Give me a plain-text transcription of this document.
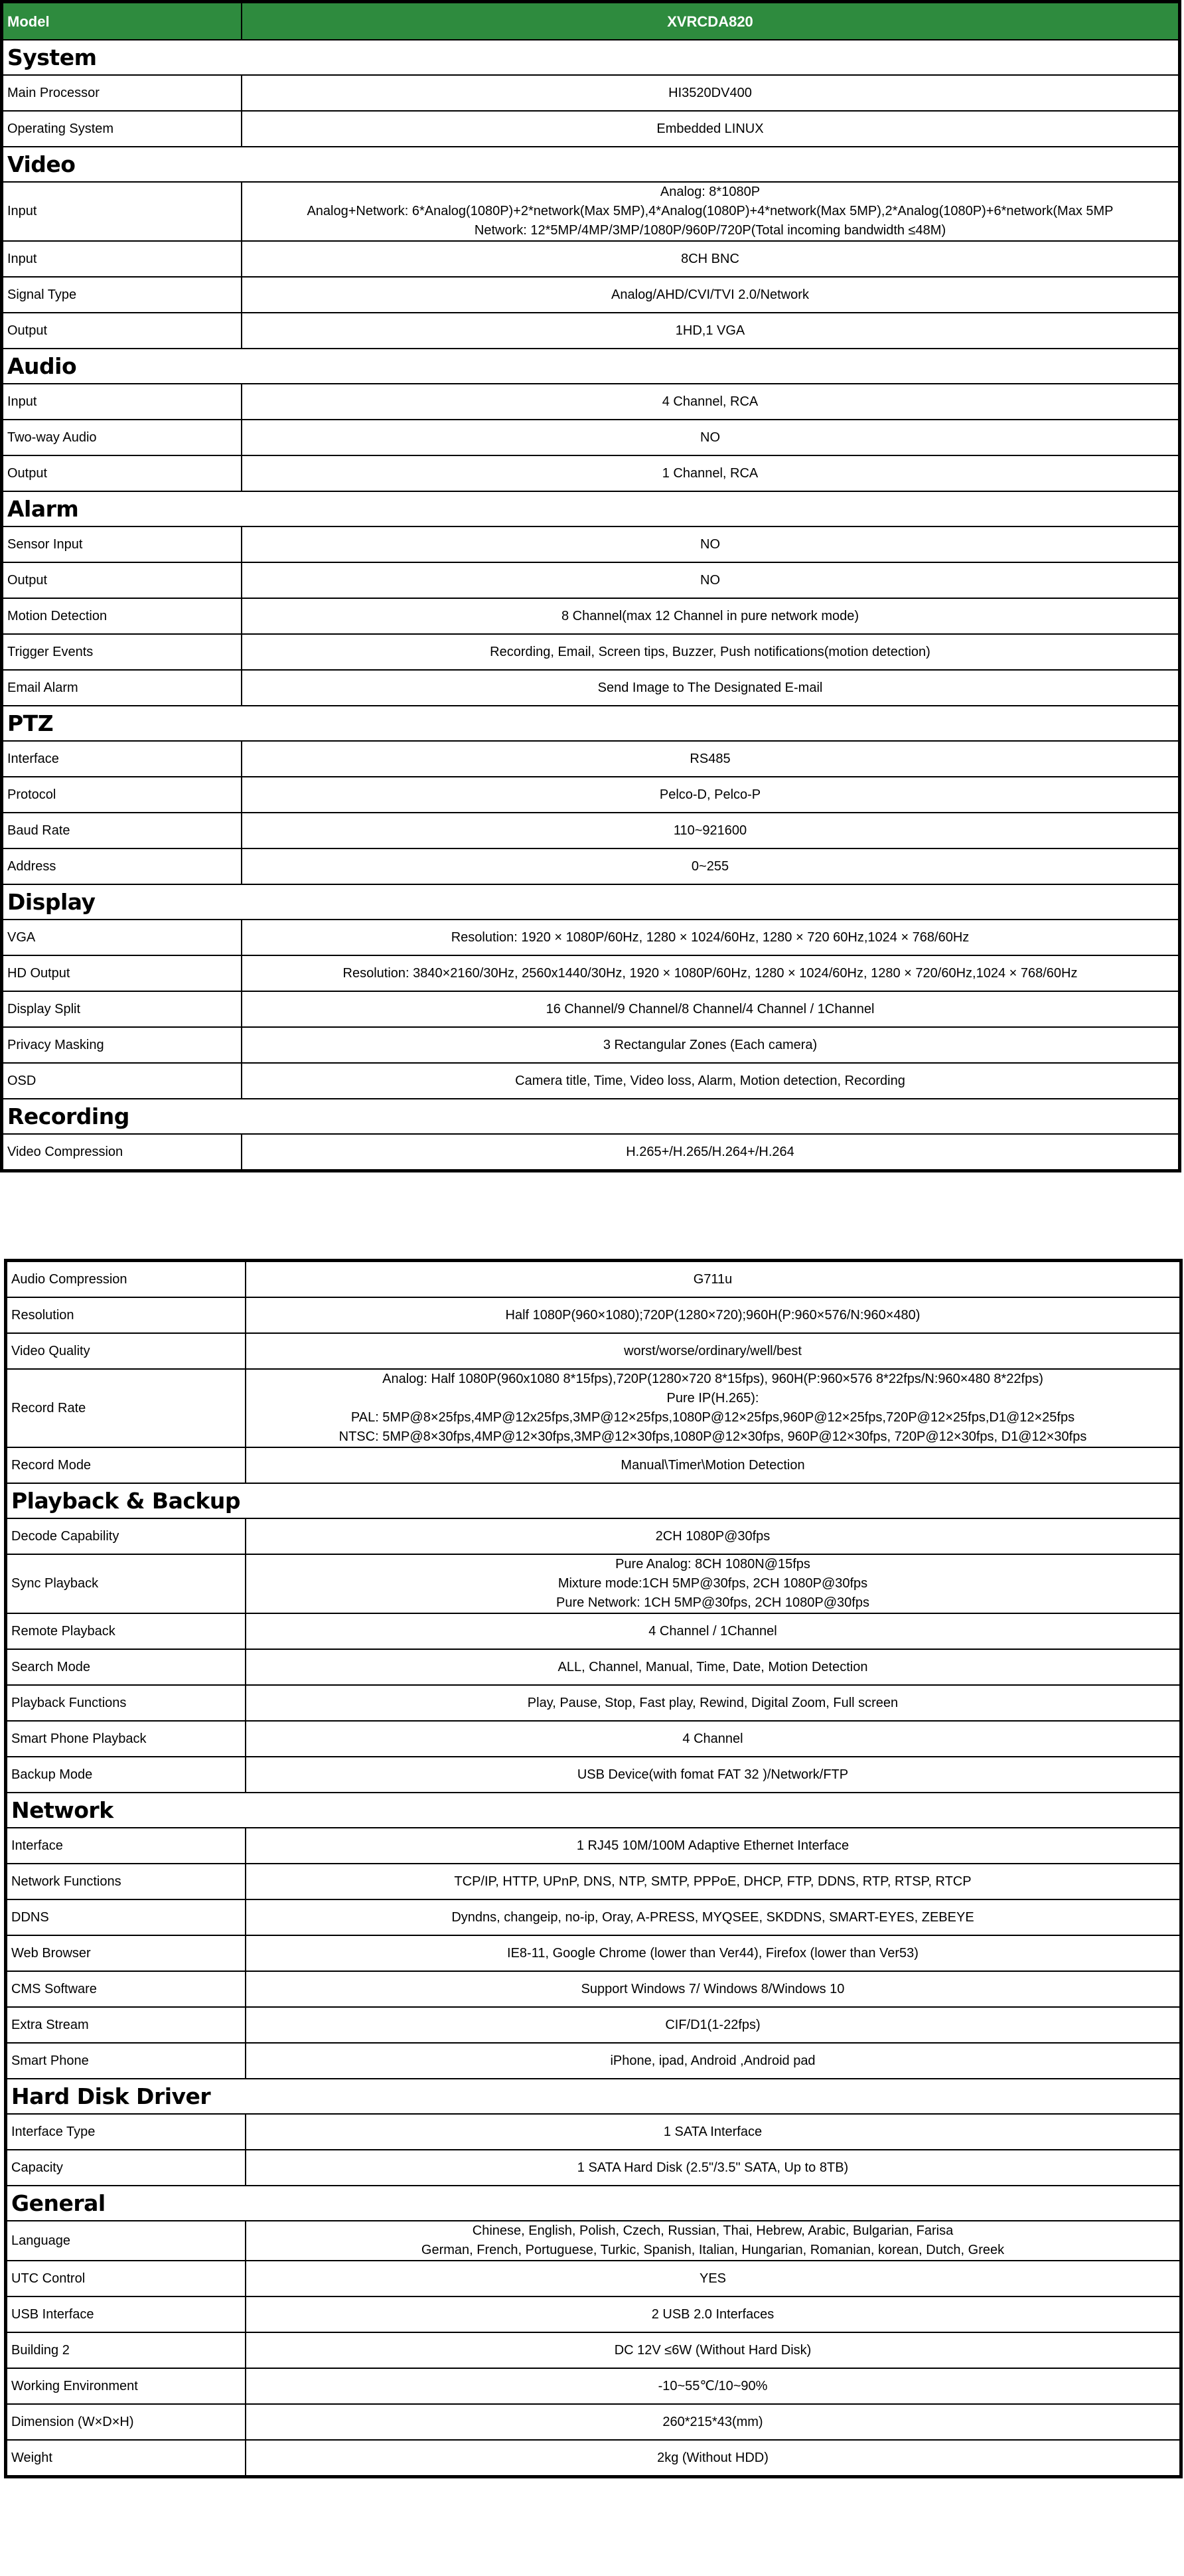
Model	XVRCDA820
System	
Main Processor	HI3520DV400

Operating System	Embedded LINUX

Video	
Input	Analog: 8*1080P
Analog+Network: 6*Analog(1080P)+2*network(Max 5MP),4*Analog(1080P)+4*network(Max 5MP),2*Analog(1080P)+6*network(Max 5MP
Network: 12*5MP/4MP/3MP/1080P/960P/720P(Total incoming bandwidth ≤48M)

Input	8CH BNC

Signal Type	Analog/AHD/CVI/TVI 2.0/Network

Output	1HD,1 VGA

Audio	
Input	4 Channel, RCA

Two-way Audio	NO

Output	1 Channel, RCA

Alarm	
Sensor Input	NO

Output	NO

Motion Detection	8 Channel(max 12 Channel in pure network mode)

Trigger Events	Recording, Email, Screen tips, Buzzer, Push notifications(motion detection)

Email Alarm	Send Image to The Designated E-mail

PTZ	
Interface	RS485

Protocol	Pelco-D, Pelco-P

Baud Rate	110~921600

Address	0~255

Display	
VGA	Resolution: 1920 × 1080P/60Hz, 1280 × 1024/60Hz, 1280 × 720 60Hz,1024 × 768/60Hz

HD Output	Resolution: 3840×2160/30Hz, 2560x1440/30Hz, 1920 × 1080P/60Hz, 1280 × 1024/60Hz, 1280 × 720/60Hz,1024 × 768/60Hz

Display Split	16 Channel/9 Channel/8 Channel/4 Channel / 1Channel

Privacy Masking	3 Rectangular Zones (Each camera)

OSD	Camera title, Time, Video loss, Alarm, Motion detection, Recording

Recording	
Video Compression	H.265+/H.265/H.264+/H.264
Audio Compression	G711u

Resolution	Half 1080P(960×1080);720P(1280×720);960H(P:960×576/N:960×480)

Video Quality	worst/worse/ordinary/well/best

Record Rate	Analog: Half 1080P(960x1080 8*15fps),720P(1280×720 8*15fps), 960H(P:960×576 8*22fps/N:960×480 8*22fps)
Pure IP(H.265):
PAL: 5MP@8×25fps,4MP@12x25fps,3MP@12×25fps,1080P@12×25fps,960P@12×25fps,720P@12×25fps,D1@12×25fps
NTSC: 5MP@8×30fps,4MP@12×30fps,3MP@12×30fps,1080P@12×30fps, 960P@12×30fps, 720P@12×30fps, D1@12×30fps

Record Mode	Manual\Timer\Motion Detection

Playback & Backup	
Decode Capability	2CH 1080P@30fps

Sync Playback	Pure Analog: 8CH 1080N@15fps
Mixture mode:1CH 5MP@30fps, 2CH 1080P@30fps
Pure Network: 1CH 5MP@30fps, 2CH 1080P@30fps

Remote Playback	4 Channel / 1Channel

Search Mode	ALL, Channel, Manual, Time, Date, Motion Detection

Playback Functions	Play, Pause, Stop, Fast play, Rewind, Digital Zoom, Full screen

Smart Phone Playback	4 Channel

Backup Mode	USB Device(with fomat FAT 32 )/Network/FTP

Network	
Interface	1 RJ45 10M/100M Adaptive Ethernet Interface

Network Functions	TCP/IP, HTTP, UPnP, DNS, NTP, SMTP, PPPoE, DHCP, FTP, DDNS, RTP, RTSP, RTCP

DDNS	Dyndns, changeip, no-ip, Oray, A-PRESS, MYQSEE, SKDDNS, SMART-EYES, ZEBEYE

Web Browser	IE8-11, Google Chrome (lower than Ver44), Firefox (lower than Ver53)

CMS Software	Support Windows 7/ Windows 8/Windows 10

Extra Stream	CIF/D1(1-22fps)

Smart Phone	iPhone, ipad, Android ,Android pad

Hard Disk Driver	
Interface Type	1 SATA Interface

Capacity	1 SATA Hard Disk (2.5"/3.5" SATA, Up to 8TB)

General	
Language	Chinese, English, Polish, Czech, Russian, Thai, Hebrew, Arabic, Bulgarian, Farisa
German, French, Portuguese, Turkic, Spanish, Italian, Hungarian, Romanian, korean, Dutch, Greek

UTC Control	YES

USB Interface	2 USB 2.0 Interfaces

Building 2	DC 12V ≤6W (Without Hard Disk)

Working Environment	-10~55℃/10~90%

Dimension (W×D×H)	260*215*43(mm)

Weight	2kg (Without HDD)
